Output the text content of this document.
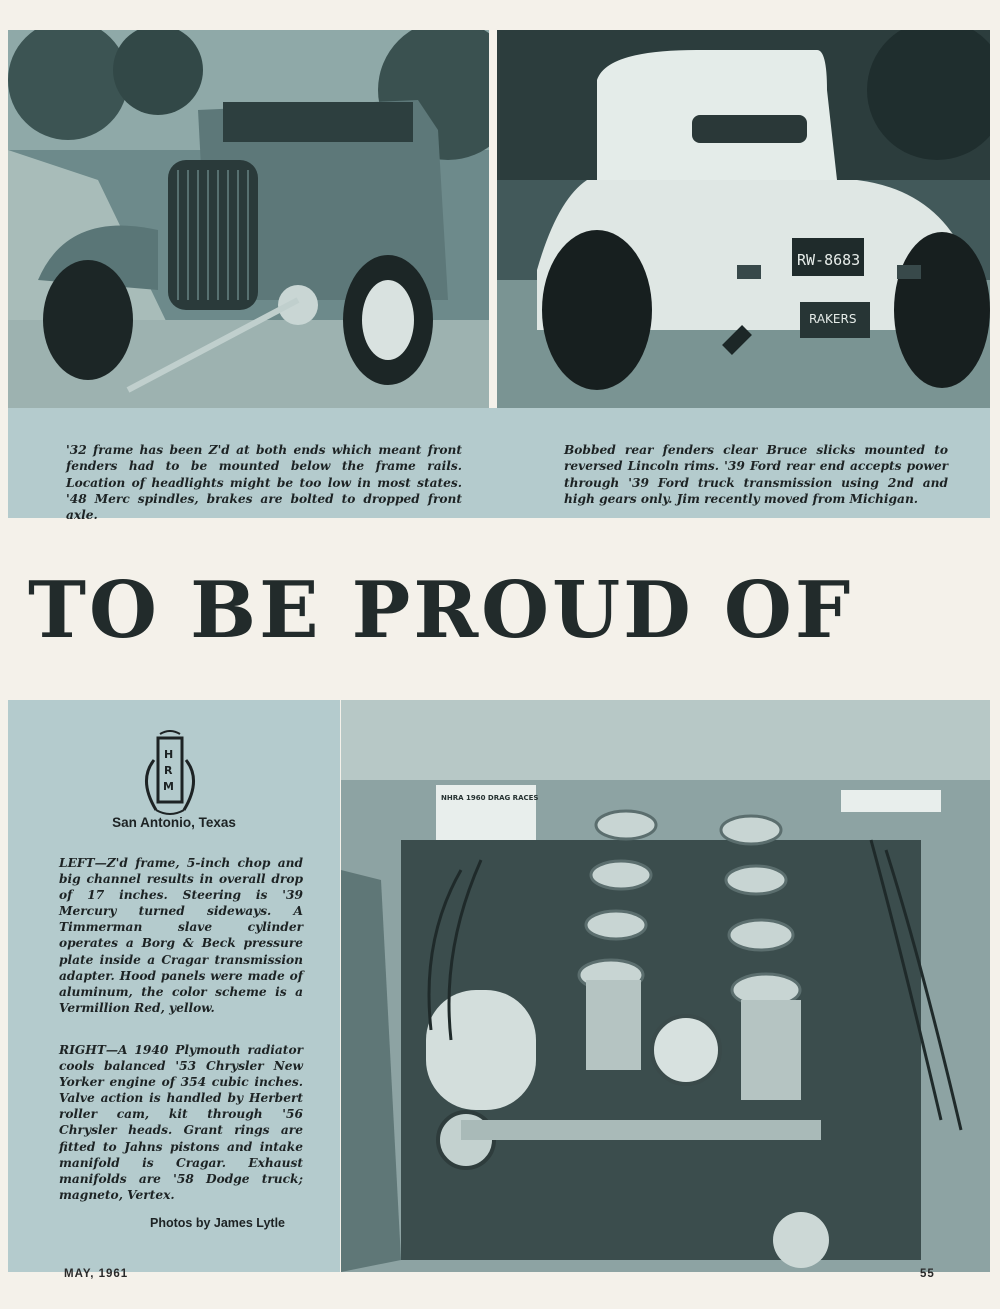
RW-8683
RAKERS

'32 frame has been Z'd at both ends which meant front fenders had to be mounted below the frame rails. Location of headlights might be too low in most states. '48 Merc spindles, brakes are bolted to dropped front axle.

Bobbed rear fenders clear Bruce slicks mounted to reversed Lincoln rims. '39 Ford rear end accepts power through '39 Ford truck transmission using 2nd and high gears only. Jim recently moved from Michigan.

TO BE PROUD OF
H
R
M
San Antonio, Texas

LEFT—Z'd frame, 5-inch chop and big channel results in overall drop of 17 inches. Steering is '39 Mercury turned sideways. A Timmerman slave cylinder operates a Borg & Beck pressure plate inside a Cragar transmission adapter. Hood panels were made of aluminum, the color scheme is a Vermillion Red, yellow.

RIGHT—A 1940 Plymouth radiator cools balanced '53 Chrysler New Yorker engine of 354 cubic inches. Valve action is handled by Herbert roller cam, kit through '56 Chrysler heads. Grant rings are fitted to Jahns pistons and intake manifold is Cragar. Exhaust manifolds are '58 Dodge truck; magneto, Vertex.

Photos by James Lytle
NHRA 1960 DRAG RACES
MAY, 1961	55
